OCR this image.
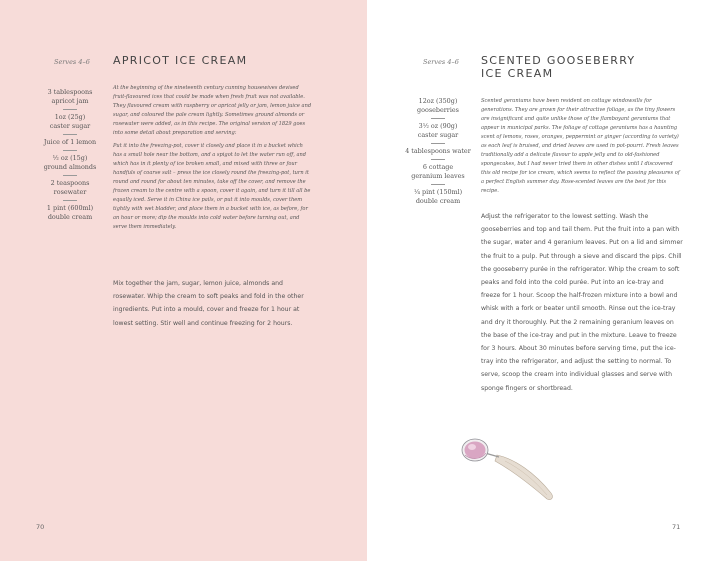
Serves 4–6 APRICOT ICE CREAM
3 tablespoons
apricot jam
1oz (25g)
caster sugar
Juice of 1 lemon
½ oz (15g)
ground almonds
2 teaspoons
rosewater
1 pint (600ml)
double cream

At the beginning of the nineteenth century cunning housewives devised fruit-flavoured ices that could be made when fresh fruit was not available. They flavoured cream with raspberry or apricot jelly or jam, lemon juice and sugar, and coloured the pale cream lightly. Sometimes ground almonds or rosewater were added, as in this recipe. The original version of 1829 goes into some detail about preparation and serving:

Put it into the freezing-pot, cover it closely and place it in a bucket which has a small hole near the bottom, and a spigot to let the water run off, and which has in it plenty of ice broken small, and mixed with three or four handfuls of coarse salt – press the ice closely round the freezing-pot, turn it round and round for about ten minutes, take off the cover, and remove the frozen cream to the centre with a spoon, cover it again, and turn it till all be equally iced. Serve it in China ice pails, or put it into moulds, cover them tightly with wet bladder, and place them in a bucket with ice, as before, for an hour or more; dip the moulds into cold water before turning out, and serve them immediately.

Mix together the jam, sugar, lemon juice, almonds and rosewater. Whip the cream to soft peaks and fold in the other ingredients. Put into a mould, cover and freeze for 1 hour at lowest setting. Stir well and continue freezing for 2 hours.

70
Serves 4–6 SCENTED GOOSEBERRY
ICE CREAM
12oz (350g)
gooseberries
3½ oz (90g)
caster sugar
4 tablespoons water
6 cottage
geranium leaves
¼ pint (150ml)
double cream

Scented geraniums have been resident on cottage windowsills for generations. They are grown for their attractive foliage, as the tiny flowers are insignificant and quite unlike those of the flamboyant geraniums that appear in municipal parks. The foliage of cottage geraniums has a haunting scent of lemons, roses, oranges, peppermint or ginger (according to variety) as each leaf is bruised, and dried leaves are used in pot-pourri. Fresh leaves traditionally add a delicate flavour to apple jelly and to old-fashioned spongecakes, but I had never tried them in other dishes until I discovered this old recipe for ice cream, which seems to reflect the passing pleasures of a perfect English summer day. Rose-scented leaves are the best for this recipe.

Adjust the refrigerator to the lowest setting. Wash the gooseberries and top and tail them. Put the fruit into a pan with the sugar, water and 4 geranium leaves. Put on a lid and simmer the fruit to a pulp. Put through a sieve and discard the pips. Chill the gooseberry purée in the refrigerator. Whip the cream to soft peaks and fold into the cold purée. Put into an ice-tray and freeze for 1 hour. Scoop the half-frozen mixture into a bowl and whisk with a fork or beater until smooth. Rinse out the ice-tray and dry it thoroughly. Put the 2 remaining geranium leaves on the base of the ice-tray and put in the mixture. Leave to freeze for 3 hours. About 30 minutes before serving time, put the ice-tray into the refrigerator, and adjust the setting to normal. To serve, scoop the cream into individual glasses and serve with sponge fingers or shortbread.

71
